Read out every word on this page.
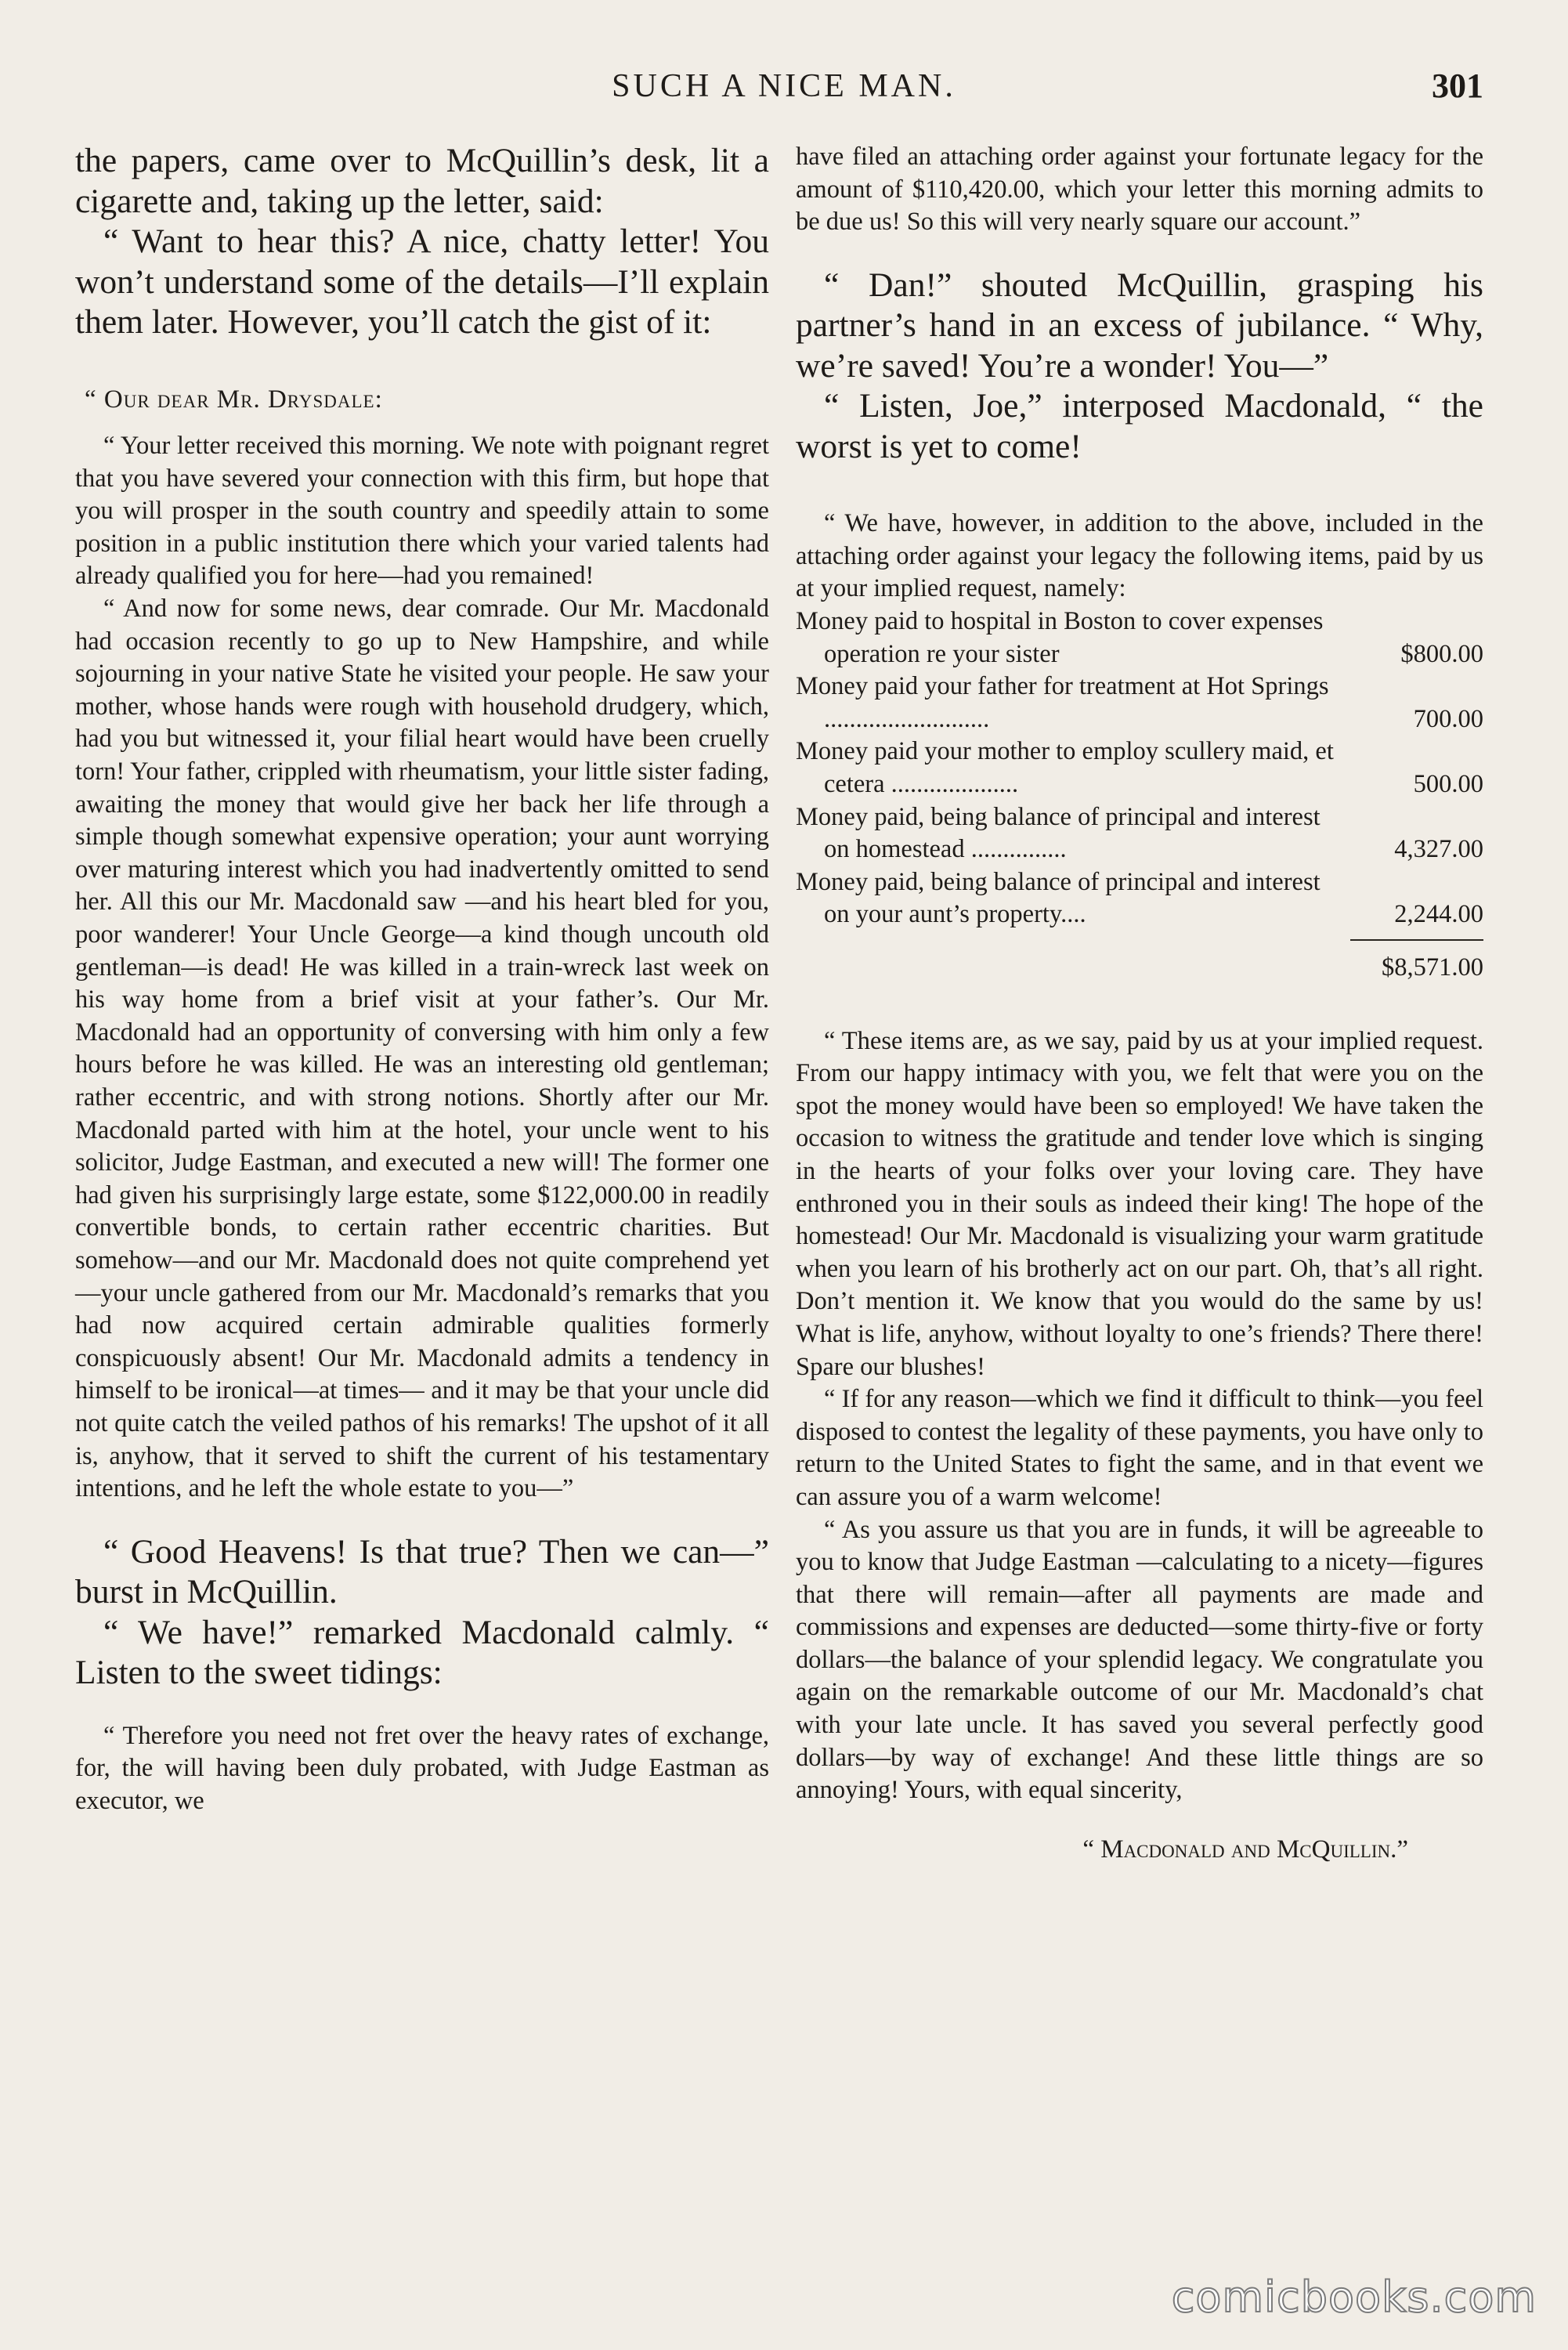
SUCH A NICE MAN.	301

the papers, came over to McQuillin’s desk, lit a cigarette and, taking up the letter, said:

“ Want to hear this? A nice, chatty letter! You won’t understand some of the details—I’ll explain them later. However, you’ll catch the gist of it:

“ Our dear Mr. Drysdale:

“ Your letter received this morning. We note with poignant regret that you have severed your connection with this firm, but hope that you will prosper in the south country and speedily attain to some position in a public institution there which your varied talents had already qualified you for here—had you remained!

“ And now for some news, dear comrade. Our Mr. Macdonald had occasion recently to go up to New Hampshire, and while sojourning in your native State he visited your people. He saw your mother, whose hands were rough with household drudgery, which, had you but witnessed it, your filial heart would have been cruelly torn! Your father, crippled with rheumatism, your little sister fading, awaiting the money that would give her back her life through a simple though somewhat expensive operation; your aunt worrying over maturing interest which you had inadvertently omitted to send her. All this our Mr. Macdonald saw —and his heart bled for you, poor wanderer! Your Uncle George—a kind though uncouth old gentleman—is dead! He was killed in a train-wreck last week on his way home from a brief visit at your father’s. Our Mr. Macdonald had an opportunity of conversing with him only a few hours before he was killed. He was an interesting old gentleman; rather eccentric, and with strong notions. Shortly after our Mr. Macdonald parted with him at the hotel, your uncle went to his solicitor, Judge Eastman, and executed a new will! The former one had given his surprisingly large estate, some $122,000.00 in readily convertible bonds, to certain rather eccentric charities. But somehow—and our Mr. Macdonald does not quite comprehend yet—your uncle gathered from our Mr. Macdonald’s remarks that you had now acquired certain admirable qualities formerly conspicuously absent! Our Mr. Macdonald admits a tendency in himself to be ironical—at times— and it may be that your uncle did not quite catch the veiled pathos of his remarks! The upshot of it all is, anyhow, that it served to shift the current of his testamentary intentions, and he left the whole estate to you—”

“ Good Heavens! Is that true? Then we can—” burst in McQuillin.

“ We have!” remarked Macdonald calmly. “ Listen to the sweet tidings:

“ Therefore you need not fret over the heavy rates of exchange, for, the will having been duly probated, with Judge Eastman as executor, we

have filed an attaching order against your fortunate legacy for the amount of $110,420.00, which your letter this morning admits to be due us! So this will very nearly square our account.”

“ Dan!” shouted McQuillin, grasping his partner’s hand in an excess of jubilance. “ Why, we’re saved! You’re a wonder! You—”

“ Listen, Joe,” interposed Macdonald, “ the worst is yet to come!

“ We have, however, in addition to the above, included in the attaching order against your legacy the following items, paid by us at your implied request, namely:

Money paid to hospital in Boston to cover expenses operation re your sister	$800.00
Money paid your father for treatment at Hot Springs ..........................	700.00
Money paid your mother to employ scullery maid, et cetera ....................	500.00
Money paid, being balance of principal and interest on homestead ...............	4,327.00
Money paid, being balance of principal and interest on your aunt’s property....	2,244.00
$8,571.00

“ These items are, as we say, paid by us at your implied request. From our happy intimacy with you, we felt that were you on the spot the money would have been so employed! We have taken the occasion to witness the gratitude and tender love which is singing in the hearts of your folks over your loving care. They have enthroned you in their souls as indeed their king! The hope of the homestead! Our Mr. Macdonald is visualizing your warm gratitude when you learn of his brotherly act on our part. Oh, that’s all right. Don’t mention it. We know that you would do the same by us! What is life, anyhow, without loyalty to one’s friends? There there! Spare our blushes!

“ If for any reason—which we find it difficult to think—you feel disposed to contest the legality of these payments, you have only to return to the United States to fight the same, and in that event we can assure you of a warm welcome!

“ As you assure us that you are in funds, it will be agreeable to you to know that Judge Eastman —calculating to a nicety—figures that there will remain—after all payments are made and commissions and expenses are deducted—some thirty-five or forty dollars—the balance of your splendid legacy. We congratulate you again on the remarkable outcome of our Mr. Macdonald’s chat with your late uncle. It has saved you several perfectly good dollars—by way of exchange! And these little things are so annoying! Yours, with equal sincerity,

“ Macdonald and McQuillin.”

comicbooks.com
